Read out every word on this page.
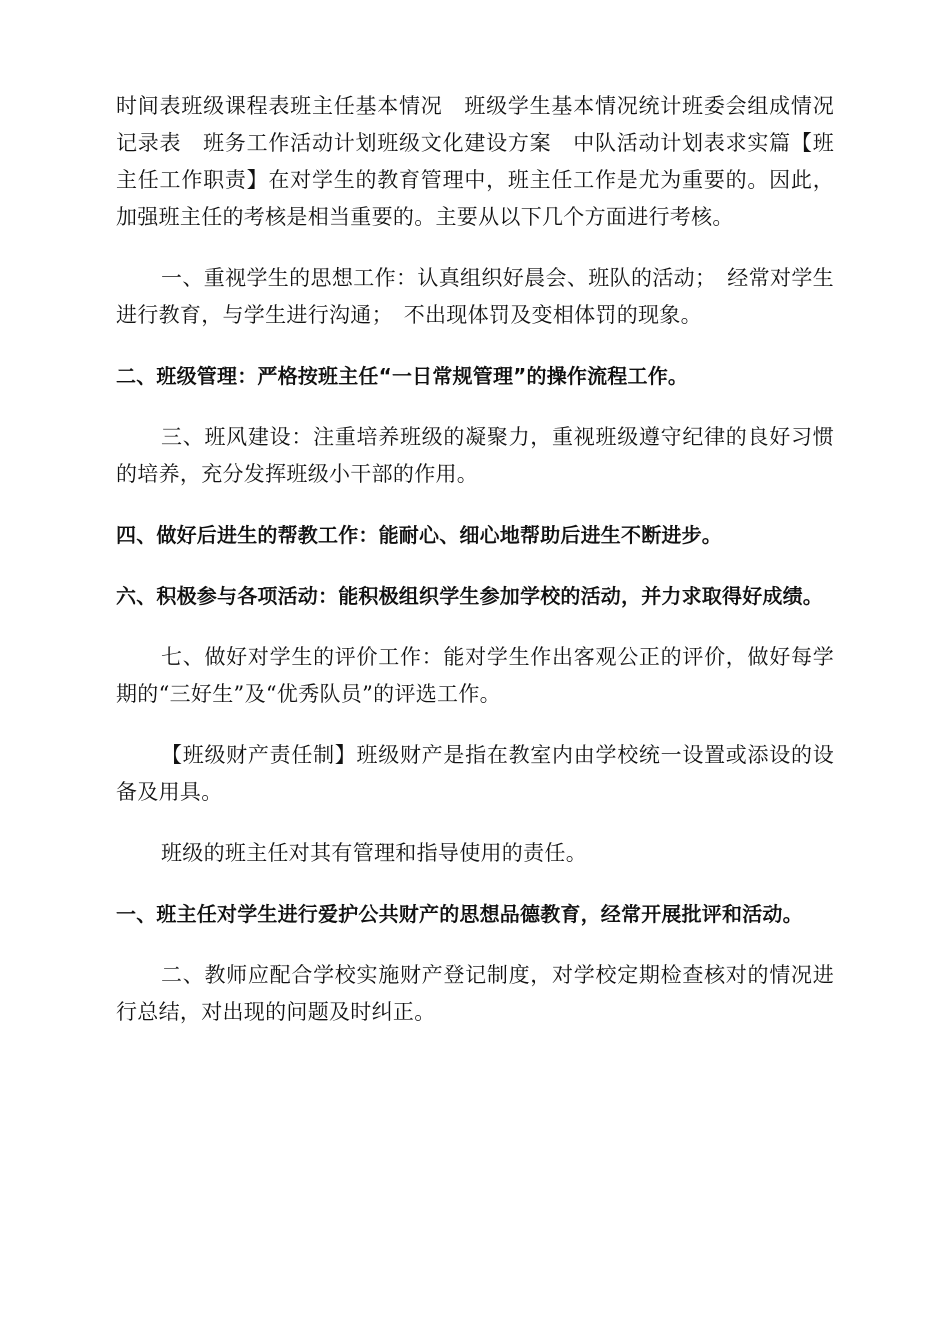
时间表班级课程表班主任基本情况　班级学生基本情况统计班委会组成情况记录表　班务工作活动计划班级文化建设方案　中队活动计划表求实篇【班主任工作职责】在对学生的教育管理中，班主任工作是尤为重要的。因此，加强班主任的考核是相当重要的。主要从以下几个方面进行考核。

一、重视学生的思想工作：认真组织好晨会、班队的活动；　经常对学生进行教育，与学生进行沟通；　不出现体罚及变相体罚的现象。

二、班级管理：严格按班主任“一日常规管理”的操作流程工作。

三、班风建设：注重培养班级的凝聚力，重视班级遵守纪律的良好习惯的培养，充分发挥班级小干部的作用。

四、做好后进生的帮教工作：能耐心、细心地帮助后进生不断进步。

六、积极参与各项活动：能积极组织学生参加学校的活动，并力求取得好成绩。

七、做好对学生的评价工作：能对学生作出客观公正的评价，做好每学期的“三好生”及“优秀队员”的评选工作。

【班级财产责任制】班级财产是指在教室内由学校统一设置或添设的设备及用具。

班级的班主任对其有管理和指导使用的责任。

一、班主任对学生进行爱护公共财产的思想品德教育，经常开展批评和活动。

二、教师应配合学校实施财产登记制度，对学校定期检查核对的情况进行总结，对出现的问题及时纠正。
